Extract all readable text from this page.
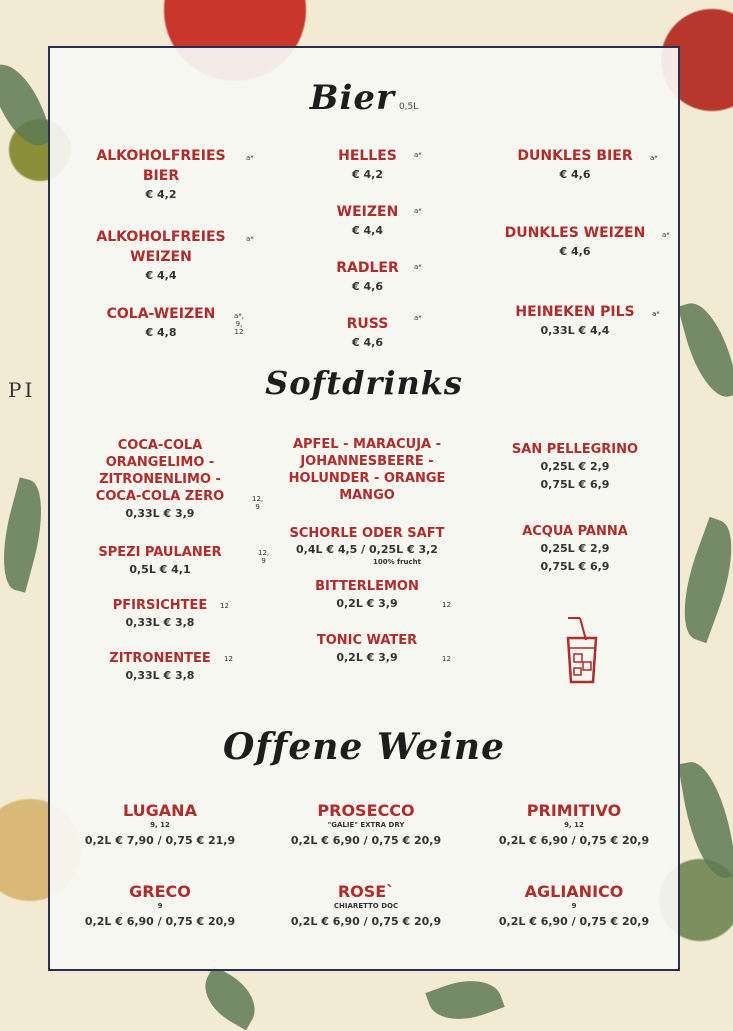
PI
Bier 0,5L
ALKOHOLFREIES BIER
a*
€ 4,2
ALKOHOLFREIES WEIZEN
a*
€ 4,4
COLA-WEIZEN	a*, 9, 12
€ 4,8
HELLES	a*
€ 4,2
WEIZEN	a*
€ 4,4
RADLER	a*
€ 4,6
RUSS	a*
€ 4,6
DUNKLES BIER	a*
€ 4,6
DUNKLES WEIZEN	a*
€ 4,6
HEINEKEN PILS	a*
0,33L € 4,4
Softdrinks
COCA-COLA
ORANGELIMO -
ZITRONENLIMO -
COCA-COLA ZERO	12, 9
0,33L € 3,9
SPEZI PAULANER	12, 9
0,5L € 4,1
PFIRSICHTEE	12
0,33L € 3,8
ZITRONENTEE	12
0,33L € 3,8
APFEL - MARACUJA -
JOHANNESBEERE -
HOLUNDER - ORANGE
MANGO
SCHORLE ODER SAFT
0,4L € 4,5 / 0,25L € 3,2
100% frucht
BITTERLEMON
12
0,2L € 3,9
TONIC WATER
12
0,2L € 3,9
SAN PELLEGRINO
0,25L € 2,9
0,75L € 6,9
ACQUA PANNA
0,25L € 2,9
0,75L € 6,9
Offene Weine
LUGANA
9, 12
0,2L € 7,90 / 0,75 € 21,9
PROSECCO
"GALIE" EXTRA DRY
0,2L € 6,90 / 0,75 € 20,9
PRIMITIVO
9, 12
0,2L € 6,90 / 0,75 € 20,9
GRECO
9
0,2L € 6,90 / 0,75 € 20,9
ROSE`
CHIARETTO DOC
0,2L € 6,90 / 0,75 € 20,9
AGLIANICO
9
0,2L € 6,90 / 0,75 € 20,9
